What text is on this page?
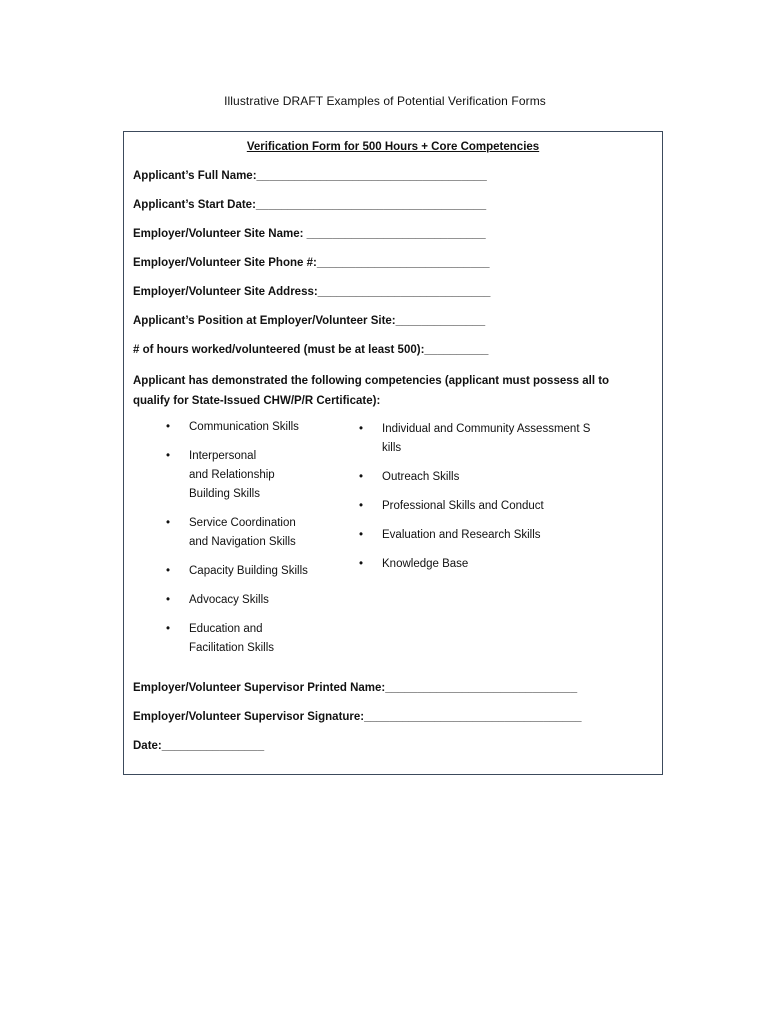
Illustrative DRAFT Examples of Potential Verification Forms
Verification Form for 500 Hours + Core Competencies
Applicant’s Full Name:____________________________________
Applicant’s Start Date:____________________________________
Employer/Volunteer Site Name: ____________________________
Employer/Volunteer Site Phone #:___________________________
Employer/Volunteer Site Address:___________________________
Applicant’s Position at Employer/Volunteer Site:______________
# of hours worked/volunteered (must be at least 500):__________
Applicant has demonstrated the following competencies (applicant must possess all to qualify for State-Issued CHW/P/R Certificate):
• Communication Skills
• Interpersonal
and Relationship
Building Skills
• Service Coordination
and Navigation Skills
• Capacity Building Skills
• Advocacy Skills
• Education and
Facilitation Skills
• Individual and Community Assessment S
kills
• Outreach Skills
• Professional Skills and Conduct
• Evaluation and Research Skills
• Knowledge Base
Employer/Volunteer Supervisor Printed Name:______________________________
Employer/Volunteer Supervisor Signature:__________________________________
Date:________________
